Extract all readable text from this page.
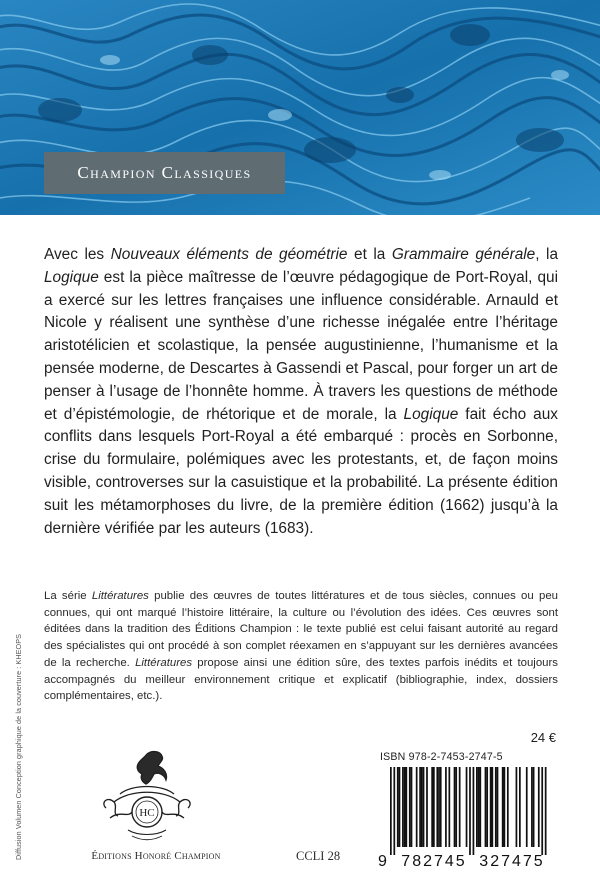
Champion Classiques
Avec les Nouveaux éléments de géométrie et la Grammaire générale, la Logique est la pièce maîtresse de l’œuvre pédagogique de Port-Royal, qui a exercé sur les lettres françaises une influence considérable. Arnauld et Nicole y réalisent une synthèse d’une richesse inégalée entre l’héritage aristotélicien et scolastique, la pensée augustinienne, l’humanisme et la pensée moderne, de Descartes à Gassendi et Pascal, pour forger un art de penser à l’usage de l’honnête homme. À travers les questions de méthode et d’épistémologie, de rhétorique et de morale, la Logique fait écho aux conflits dans lesquels Port-Royal a été embarqué : procès en Sorbonne, crise du formulaire, polémiques avec les protestants, et, de façon moins visible, controverses sur la casuistique et la probabilité. La présente édition suit les métamorphoses du livre, de la première édition (1662) jusqu’à la dernière vérifiée par les auteurs (1683).
La série Littératures publie des œuvres de toutes littératures et de tous siècles, connues ou peu connues, qui ont marqué l’histoire littéraire, la culture ou l’évolution des idées. Ces œuvres sont éditées dans la tradition des Éditions Champion : le texte publié est celui faisant autorité au regard des spécialistes qui ont procédé à son complet réexamen en s’appuyant sur les dernières avancées de la recherche. Littératures propose ainsi une édition sûre, des textes parfois inédits et toujours accompagnés du meilleur environnement critique et explicatif (bibliographie, index, dossiers complémentaires, etc.).
Diffusion Volumen Conception graphique de la couverture : KHEOPS	HC
Éditions Honoré Champion	CCLI 28
24 €
ISBN 978-2-7453-2747-5
9 782745 327475
